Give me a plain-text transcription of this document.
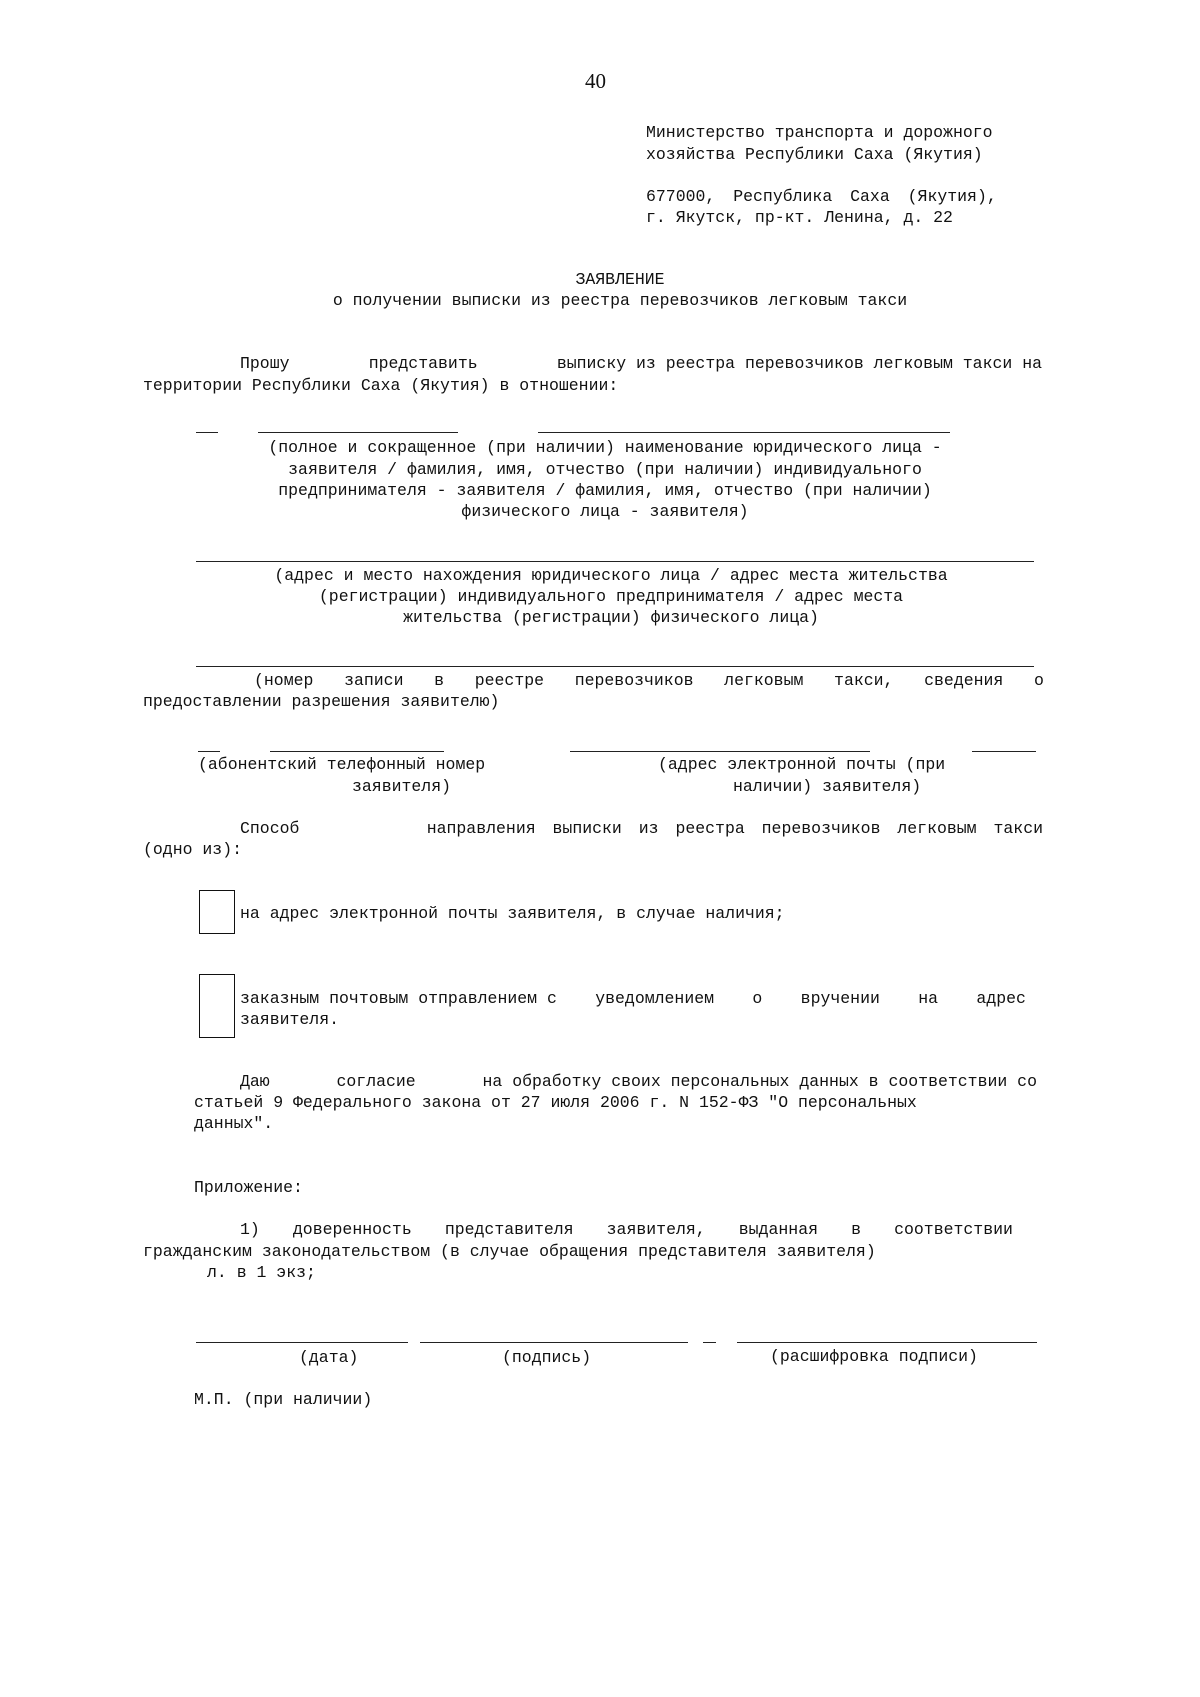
40
Министерство транспорта и дорожного
хозяйства Республики Саха (Якутия)
677000, Республика Саха (Якутия),
г. Якутск, пр-кт. Ленина, д. 22
ЗАЯВЛЕНИЕ
о получении выписки из реестра перевозчиков легковым такси
Прошу	представить	выписку из реестра перевозчиков легковым такси на
территории Республики Саха (Якутия) в отношении:
(полное и сокращенное (при наличии) наименование юридического лица -
заявителя / фамилия, имя, отчество (при наличии) индивидуального
предпринимателя - заявителя / фамилия, имя, отчество (при наличии)
физического лица - заявителя)
(адрес и место нахождения юридического лица / адрес места жительства
(регистрации) индивидуального предпринимателя / адрес места
жительства (регистрации) физического лица)
(номер записи в реестре перевозчиков легковым такси, сведения о
предоставлении разрешения заявителю)
(абонентский телефонный номер
заявителя)
(адрес электронной почты (при
наличии) заявителя)
Способ	направления выписки из реестра перевозчиков легковым такси
(одно из):
на адрес электронной почты заявителя, в случае наличия;
заказным почтовым отправлением с уведомлением о вручении на адрес
заявителя.
Даю	согласие	на обработку своих персональных данных в соответствии со
статьей 9 Федерального закона от 27 июля 2006 г. N 152-ФЗ "О персональных
данных".
Приложение:
1) доверенность представителя заявителя, выданная в соответствии
гражданским законодательством (в случае обращения представителя заявителя)
л. в 1 экз;
(дата)	(подпись)	(расшифровка подписи)
М.П. (при наличии)
